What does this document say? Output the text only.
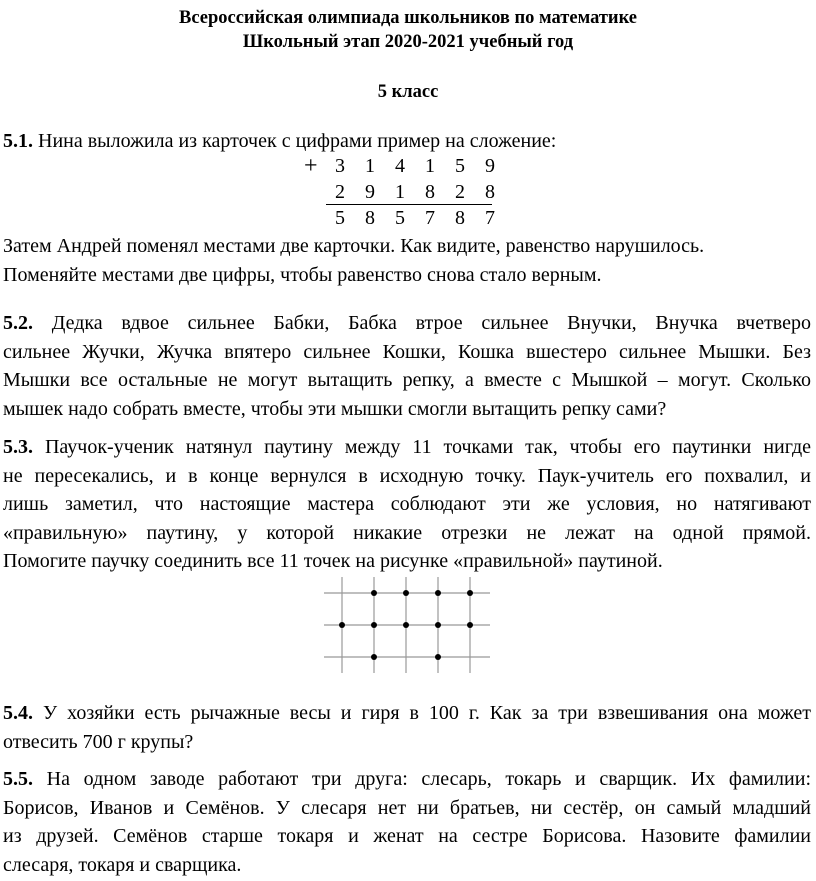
Всероссийская олимпиада школьников по математике
Школьный этап 2020-2021 учебный год
5 класс
5.1. Нина выложила из карточек с цифрами пример на сложение:
+ 3 1 4 1 5 9
2 9 1 8 2 8
5 8 5 7 8 7
Затем Андрей поменял местами две карточки. Как видите, равенство нарушилось.
Поменяйте местами две цифры, чтобы равенство снова стало верным.
5.2. Дедка вдвое сильнее Бабки, Бабка втрое сильнее Внучки, Внучка вчетверо
сильнее Жучки, Жучка впятеро сильнее Кошки, Кошка вшестеро сильнее Мышки. Без
Мышки все остальные не могут вытащить репку, а вместе с Мышкой – могут. Сколько
мышек надо собрать вместе, чтобы эти мышки смогли вытащить репку сами?
5.3. Паучок-ученик натянул паутину между 11 точками так, чтобы его паутинки нигде
не пересекались, и в конце вернулся в исходную точку. Паук-учитель его похвалил, и
лишь заметил, что настоящие мастера соблюдают эти же условия, но натягивают
«правильную» паутину, у которой никакие отрезки не лежат на одной прямой.
Помогите паучку соединить все 11 точек на рисунке «правильной» паутиной.
5.4. У хозяйки есть рычажные весы и гиря в 100 г. Как за три взвешивания она может
отвесить 700 г крупы?
5.5. На одном заводе работают три друга: слесарь, токарь и сварщик. Их фамилии:
Борисов, Иванов и Семёнов. У слесаря нет ни братьев, ни сестёр, он самый младший
из друзей. Семёнов старше токаря и женат на сестре Борисова. Назовите фамилии
слесаря, токаря и сварщика.
